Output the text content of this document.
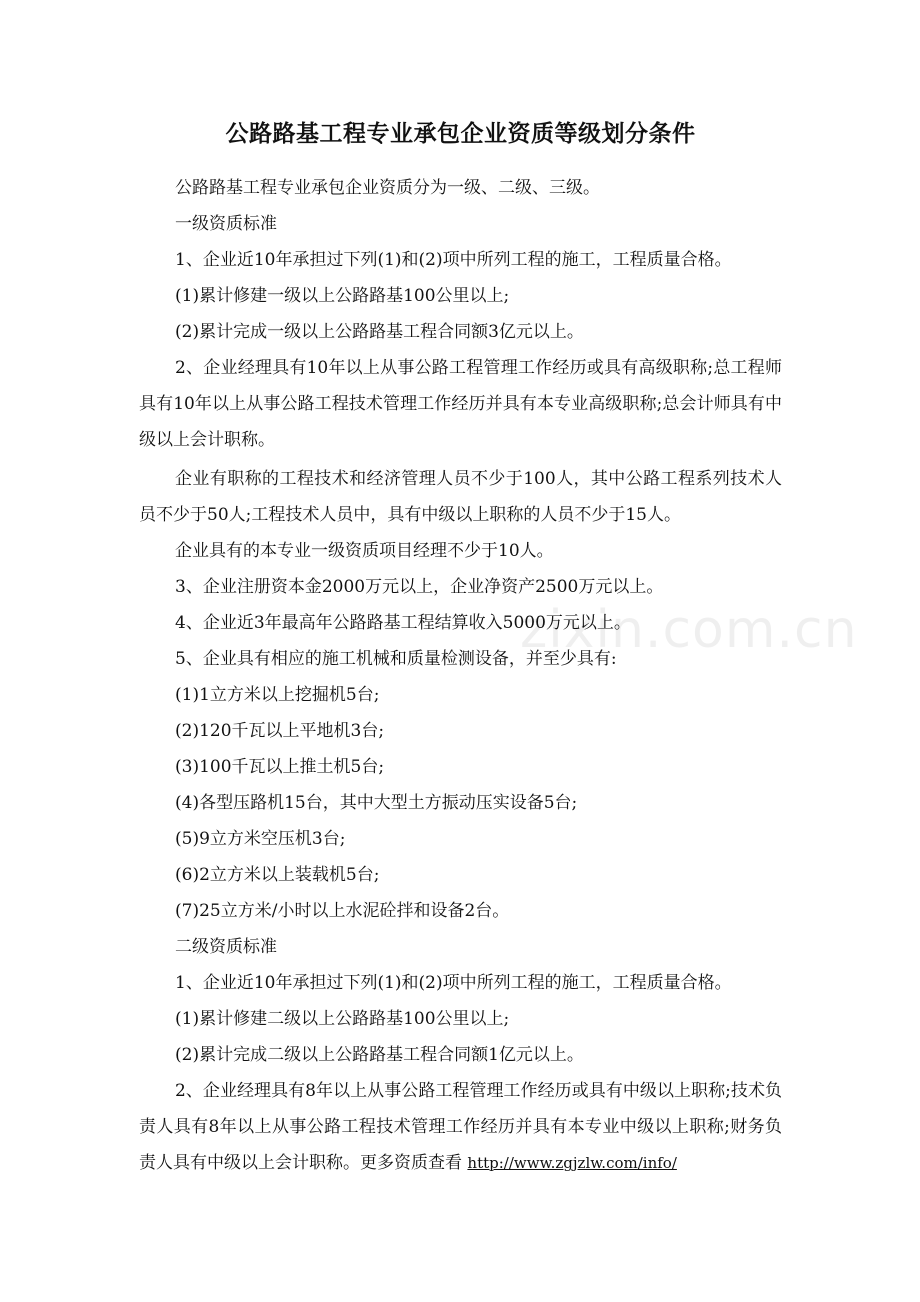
zixin.com.cn
公路路基工程专业承包企业资质等级划分条件

公路路基工程专业承包企业资质分为一级、二级、三级。

一级资质标准

1、企业近10年承担过下列(1)和(2)项中所列工程的施工，工程质量合格。

(1)累计修建一级以上公路路基100公里以上;

(2)累计完成一级以上公路路基工程合同额3亿元以上。

2、企业经理具有10年以上从事公路工程管理工作经历或具有高级职称;总工程师具有10年以上从事公路工程技术管理工作经历并具有本专业高级职称;总会计师具有中级以上会计职称。

企业有职称的工程技术和经济管理人员不少于100人，其中公路工程系列技术人员不少于50人;工程技术人员中，具有中级以上职称的人员不少于15人。

企业具有的本专业一级资质项目经理不少于10人。

3、企业注册资本金2000万元以上，企业净资产2500万元以上。

4、企业近3年最高年公路路基工程结算收入5000万元以上。

5、企业具有相应的施工机械和质量检测设备，并至少具有:

(1)1立方米以上挖掘机5台;

(2)120千瓦以上平地机3台;

(3)100千瓦以上推土机5台;

(4)各型压路机15台，其中大型土方振动压实设备5台;

(5)9立方米空压机3台;

(6)2立方米以上装载机5台;

(7)25立方米/小时以上水泥砼拌和设备2台。

二级资质标准

1、企业近10年承担过下列(1)和(2)项中所列工程的施工，工程质量合格。

(1)累计修建二级以上公路路基100公里以上;

(2)累计完成二级以上公路路基工程合同额1亿元以上。

2、企业经理具有8年以上从事公路工程管理工作经历或具有中级以上职称;技术负责人具有8年以上从事公路工程技术管理工作经历并具有本专业中级以上职称;财务负责人具有中级以上会计职称。更多资质查看 http://www.zgjzlw.com/info/
